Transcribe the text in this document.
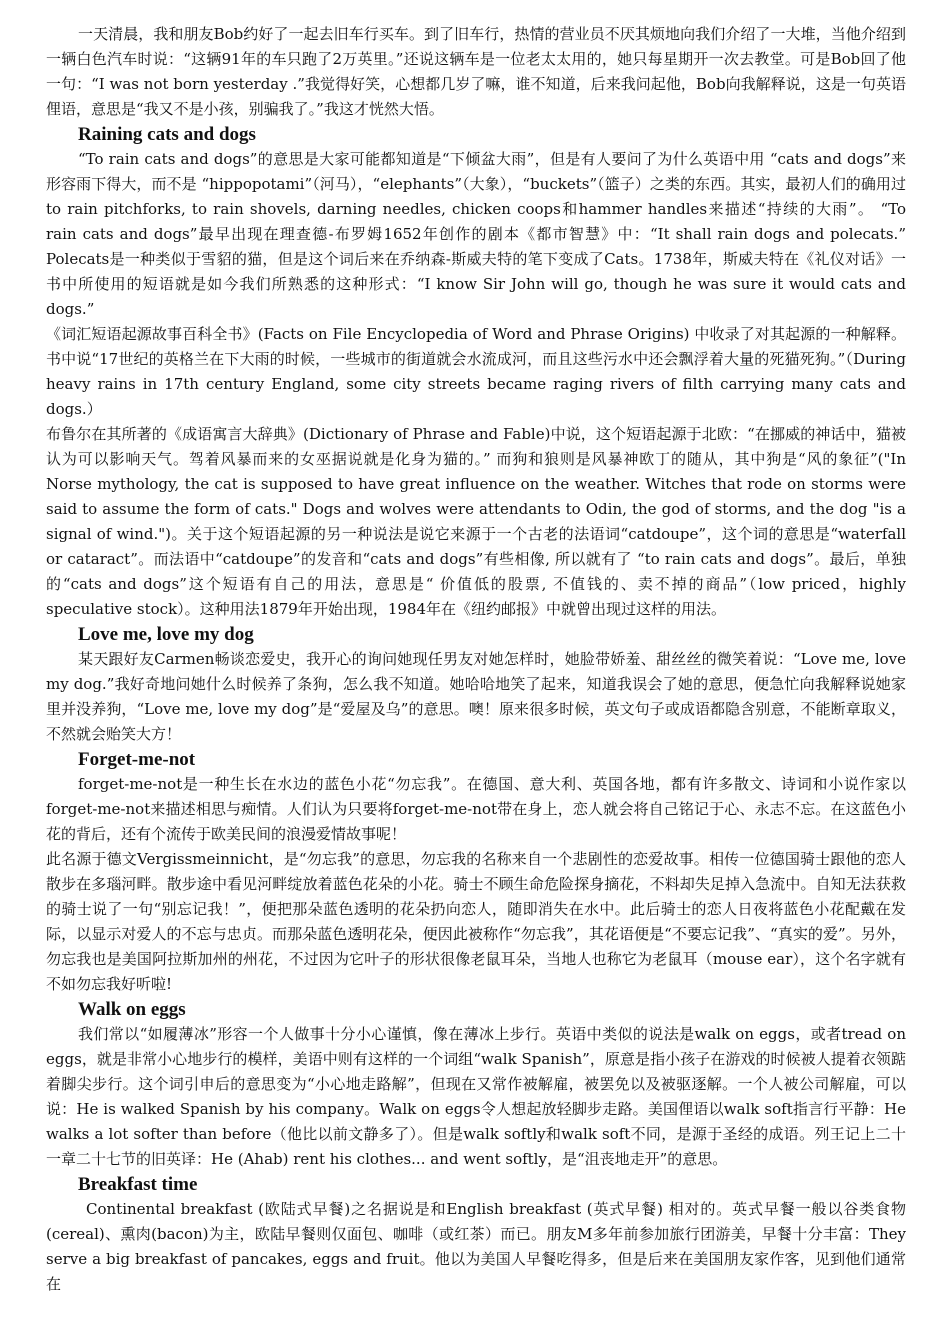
一天清晨，我和朋友Bob约好了一起去旧车行买车。到了旧车行，热情的营业员不厌其烦地向我们介绍了一大堆，当他介绍到一辆白色汽车时说：“这辆91年的车只跑了2万英里。”还说这辆车是一位老太太用的，她只每星期开一次去教堂。可是Bob回了他一句：“I was not born yesterday .”我觉得好笑，心想都几岁了嘛，谁不知道，后来我问起他，Bob向我解释说，这是一句英语俚语，意思是“我又不是小孩，别骗我了。”我这才恍然大悟。

Raining cats and dogs

“To rain cats and dogs”的意思是大家可能都知道是“下倾盆大雨”，但是有人要问了为什么英语中用 “cats and dogs”来形容雨下得大，而不是 “hippopotami”（河马），“elephants”（大象），“buckets”（篮子）之类的东西。其实，最初人们的确用过to rain pitchforks, to rain shovels, darning needles, chicken coops和hammer handles来描述“持续的大雨”。 “To rain cats and dogs”最早出现在理查德-布罗姆1652年创作的剧本《都市智慧》中：“It shall rain dogs and polecats.” Polecats是一种类似于雪貂的猫，但是这个词后来在乔纳森-斯威夫特的笔下变成了Cats。1738年，斯威夫特在《礼仪对话》一书中所使用的短语就是如今我们所熟悉的这种形式：“I know Sir John will go, though he was sure it would cats and dogs.”

《词汇短语起源故事百科全书》(Facts on File Encyclopedia of Word and Phrase Origins) 中收录了对其起源的一种解释。书中说“17世纪的英格兰在下大雨的时候，一些城市的街道就会水流成河，而且这些污水中还会飘浮着大量的死猫死狗。”（During heavy rains in 17th century England, some city streets became raging rivers of filth carrying many cats and dogs.）

布鲁尔在其所著的《成语寓言大辞典》(Dictionary of Phrase and Fable)中说，这个短语起源于北欧：“在挪威的神话中，猫被认为可以影响天气。驾着风暴而来的女巫据说就是化身为猫的。” 而狗和狼则是风暴神欧丁的随从，其中狗是“风的象征”("In Norse mythology, the cat is supposed to have great influence on the weather. Witches that rode on storms were said to assume the form of cats." Dogs and wolves were attendants to Odin, the god of storms, and the dog "is a signal of wind.")。关于这个短语起源的另一种说法是说它来源于一个古老的法语词“catdoupe”，这个词的意思是“waterfall or cataract”。而法语中“catdoupe”的发音和“cats and dogs”有些相像, 所以就有了 “to rain cats and dogs”。最后，单独的“cats and dogs”这个短语有自己的用法，意思是“ 价值低的股票, 不值钱的、卖不掉的商品”（low priced，highly speculative stock）。这种用法1879年开始出现，1984年在《纽约邮报》中就曾出现过这样的用法。

Love me, love my dog

某天跟好友Carmen畅谈恋爱史，我开心的询问她现任男友对她怎样时，她脸带娇羞、甜丝丝的微笑着说：“Love me, love my dog.”我好奇地问她什么时候养了条狗，怎么我不知道。她哈哈地笑了起来，知道我误会了她的意思，便急忙向我解释说她家里并没养狗，“Love me, love my dog”是“爱屋及乌”的意思。噢！原来很多时候，英文句子或成语都隐含别意，不能断章取义，不然就会贻笑大方！

Forget-me-not

forget-me-not是一种生长在水边的蓝色小花“勿忘我”。在德国、意大利、英国各地，都有许多散文、诗词和小说作家以forget-me-not来描述相思与痴情。人们认为只要将forget-me-not带在身上，恋人就会将自己铭记于心、永志不忘。在这蓝色小花的背后，还有个流传于欧美民间的浪漫爱情故事呢！

此名源于德文Vergissmeinnicht，是“勿忘我”的意思，勿忘我的名称来自一个悲剧性的恋爱故事。相传一位德国骑士跟他的恋人散步在多瑙河畔。散步途中看见河畔绽放着蓝色花朵的小花。骑士不顾生命危险探身摘花，不料却失足掉入急流中。自知无法获救的骑士说了一句“别忘记我！”，便把那朵蓝色透明的花朵扔向恋人，随即消失在水中。此后骑士的恋人日夜将蓝色小花配戴在发际，以显示对爱人的不忘与忠贞。而那朵蓝色透明花朵，便因此被称作“勿忘我”，其花语便是“不要忘记我”、“真实的爱”。另外，勿忘我也是美国阿拉斯加州的州花，不过因为它叶子的形状很像老鼠耳朵，当地人也称它为老鼠耳（mouse ear），这个名字就有不如勿忘我好听啦!

Walk on eggs

我们常以“如履薄冰”形容一个人做事十分小心谨慎，像在薄冰上步行。英语中类似的说法是walk on eggs，或者tread on eggs，就是非常小心地步行的模样，美语中则有这样的一个词组“walk Spanish”，原意是指小孩子在游戏的时候被人提着衣领踮着脚尖步行。这个词引申后的意思变为“小心地走路解”，但现在又常作被解雇，被罢免以及被驱逐解。一个人被公司解雇，可以说：He is walked Spanish by his company。Walk on eggs令人想起放轻脚步走路。美国俚语以walk soft指言行平静：He walks a lot softer than before（他比以前文静多了）。但是walk softly和walk soft不同，是源于圣经的成语。列王记上二十一章二十七节的旧英译：He (Ahab) rent his clothes... and went softly，是“沮丧地走开”的意思。

Breakfast time

Continental breakfast (欧陆式早餐)之名据说是和English breakfast (英式早餐) 相对的。英式早餐一般以谷类食物(cereal)、熏肉(bacon)为主，欧陆早餐则仅面包、咖啡（或红茶）而已。朋友M多年前参加旅行团游美，早餐十分丰富：They serve a big breakfast of pancakes, eggs and fruit。他以为美国人早餐吃得多，但是后来在美国朋友家作客，见到他们通常在
